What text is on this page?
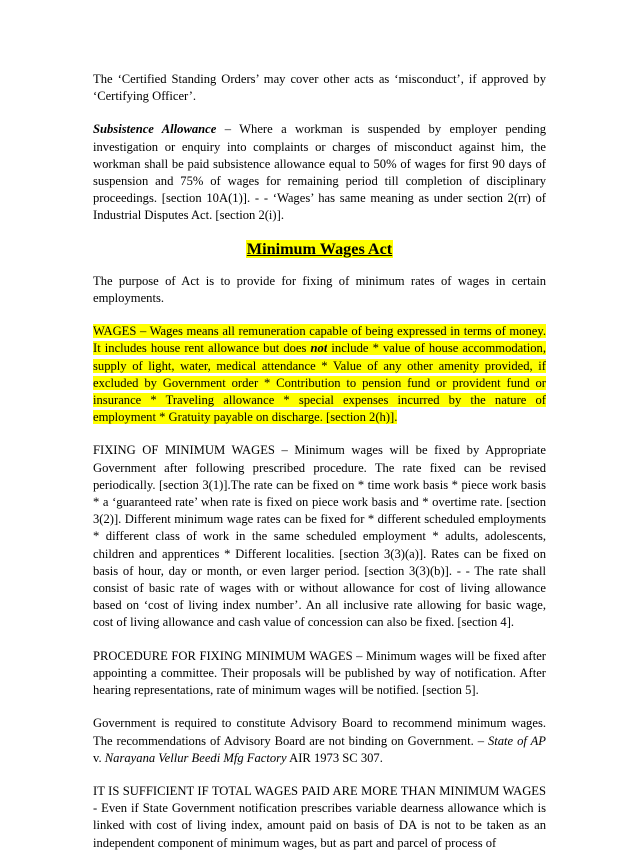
The ‘Certified Standing Orders’ may cover other acts as ‘misconduct’, if approved by ‘Certifying Officer’.

Subsistence Allowance – Where a workman is suspended by employer pending investigation or enquiry into complaints or charges of misconduct against him, the workman shall be paid subsistence allowance equal to 50% of wages for first 90 days of suspension and 75% of wages for remaining period till completion of disciplinary proceedings. [section 10A(1)]. - - ‘Wages’ has same meaning as under section 2(rr) of Industrial Disputes Act. [section 2(i)].

Minimum Wages Act

The purpose of Act is to provide for fixing of minimum rates of wages in certain employments.

WAGES – Wages means all remuneration capable of being expressed in terms of money. It includes house rent allowance but does not include * value of house accommodation, supply of light, water, medical attendance * Value of any other amenity provided, if excluded by Government order * Contribution to pension fund or provident fund or insurance * Traveling allowance * special expenses incurred by the nature of employment * Gratuity payable on discharge. [section 2(h)].

FIXING OF MINIMUM WAGES – Minimum wages will be fixed by Appropriate Government after following prescribed procedure. The rate fixed can be revised periodically. [section 3(1)].The rate can be fixed on * time work basis * piece work basis * a ‘guaranteed rate’ when rate is fixed on piece work basis and * overtime rate. [section 3(2)]. Different minimum wage rates can be fixed for * different scheduled employments * different class of work in the same scheduled employment * adults, adolescents, children and apprentices * Different localities. [section 3(3)(a)]. Rates can be fixed on basis of hour, day or month, or even larger period. [section 3(3)(b)]. - - The rate shall consist of basic rate of wages with or without allowance for cost of living allowance based on ‘cost of living index number’. An all inclusive rate allowing for basic wage, cost of living allowance and cash value of concession can also be fixed. [section 4].

PROCEDURE FOR FIXING MINIMUM WAGES – Minimum wages will be fixed after appointing a committee. Their proposals will be published by way of notification. After hearing representations, rate of minimum wages will be notified. [section 5].

Government is required to constitute Advisory Board to recommend minimum wages. The recommendations of Advisory Board are not binding on Government. – State of AP v. Narayana Vellur Beedi Mfg Factory AIR 1973 SC 307.

IT IS SUFFICIENT IF TOTAL WAGES PAID ARE MORE THAN MINIMUM WAGES - Even if State Government notification prescribes variable dearness allowance which is linked with cost of living index, amount paid on basis of DA is not to be taken as an independent component of minimum wages, but as part and parcel of process of
